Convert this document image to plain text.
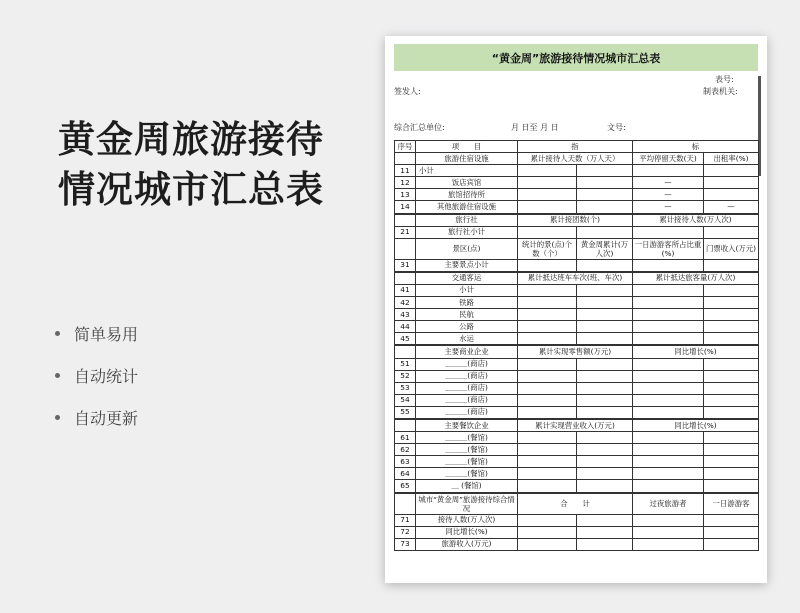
黄金周旅游接待
情况城市汇总表
简单易用
自动统计
自动更新
“黄金周”旅游接待情况城市汇总表
表号:
签发人:	制表机关:
综合汇总单位:	月 日至 月 日	文号:
序号	项　　目	指		标	
	旅游住宿设施	累计接待人天数（万人天）		平均停留天数(天)	出租率(%)
11	小计				
12	饭店宾馆			—	
13	旅馆招待所			—	
14	其他旅游住宿设施			—	—
	旅行社	累计接团数(个)		累计接待人数(万人次)	
21	旅行社小计				
	景区(点)	统计的景(点)个数（个）	黄金周累计(万人次)	一日游游客所占比重(%)	门票收入(万元)
31	主要景点小计				
	交通客运	累计抵达班车车次(班、车次)		累计抵达旅客量(万人次)	
41	小计				
42	铁路				
43	民航				
44	公路				
45	水运				
	主要商业企业	累计实现零售额(万元)		同比增长(%)	
51	＿＿＿(商店)				
52	＿＿＿(商店)				
53	＿＿＿(商店)				
54	＿＿＿(商店)				
55	＿＿＿(商店)				
	主要餐饮企业	累计实现营业收入(万元)		同比增长(%)	
61	＿＿＿(餐馆)				
62	＿＿＿(餐馆)				
63	＿＿＿(餐馆)				
64	＿＿＿(餐馆)				
65	＿ (餐馆)				
	城市“黄金周”旅游接待综合情况	合　　计		过夜旅游者	一日游游客
71	接待人数(万人次)				
72	同比增长(%)				
73	旅游收入(万元)				
